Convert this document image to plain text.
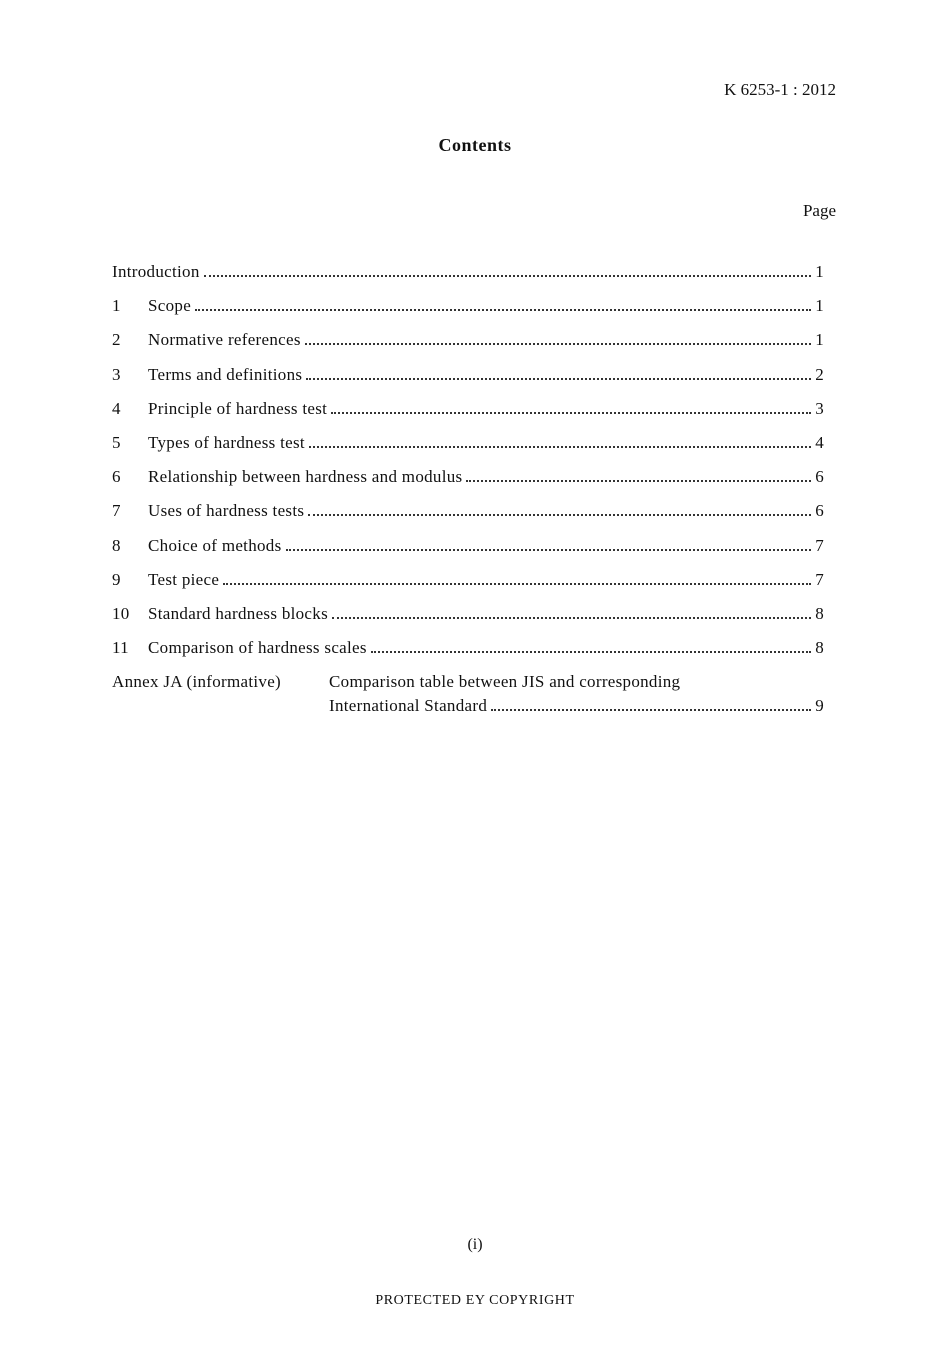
K 6253-1 : 2012
Contents
Page
Introduction	1
1	Scope	1
2	Normative references	1
3	Terms and definitions	2
4	Principle of hardness test	3
5	Types of hardness test	4
6	Relationship between hardness and modulus	6
7	Uses of hardness tests	6
8	Choice of methods	7
9	Test piece	7
10	Standard hardness blocks	8
11	Comparison of hardness scales	8
Annex JA (informative)	Comparison table between JIS and corresponding
International Standard	9
(i)
PROTECTED EY COPYRIGHT
